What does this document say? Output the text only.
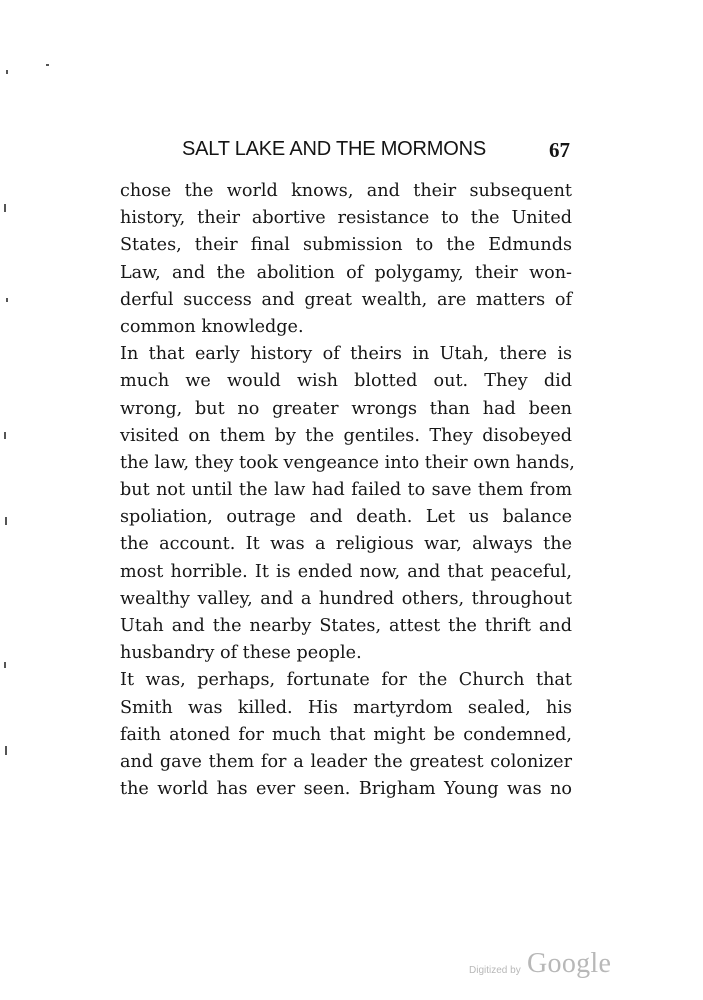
SALT LAKE AND THE MORMONS	67
chose the world knows, and their subsequent
history, their abortive resistance to the United
States, their final submission to the Edmunds
Law, and the abolition of polygamy, their won-
derful success and great wealth, are matters of
common knowledge.
In that early history of theirs in Utah, there is
much we would wish blotted out. They did
wrong, but no greater wrongs than had been
visited on them by the gentiles. They disobeyed
the law, they took vengeance into their own hands,
but not until the law had failed to save them from
spoliation, outrage and death. Let us balance
the account. It was a religious war, always the
most horrible. It is ended now, and that peaceful,
wealthy valley, and a hundred others, throughout
Utah and the nearby States, attest the thrift and
husbandry of these people.
It was, perhaps, fortunate for the Church that
Smith was killed. His martyrdom sealed, his
faith atoned for much that might be condemned,
and gave them for a leader the greatest colonizer
the world has ever seen. Brigham Young was no
Digitized by Google
